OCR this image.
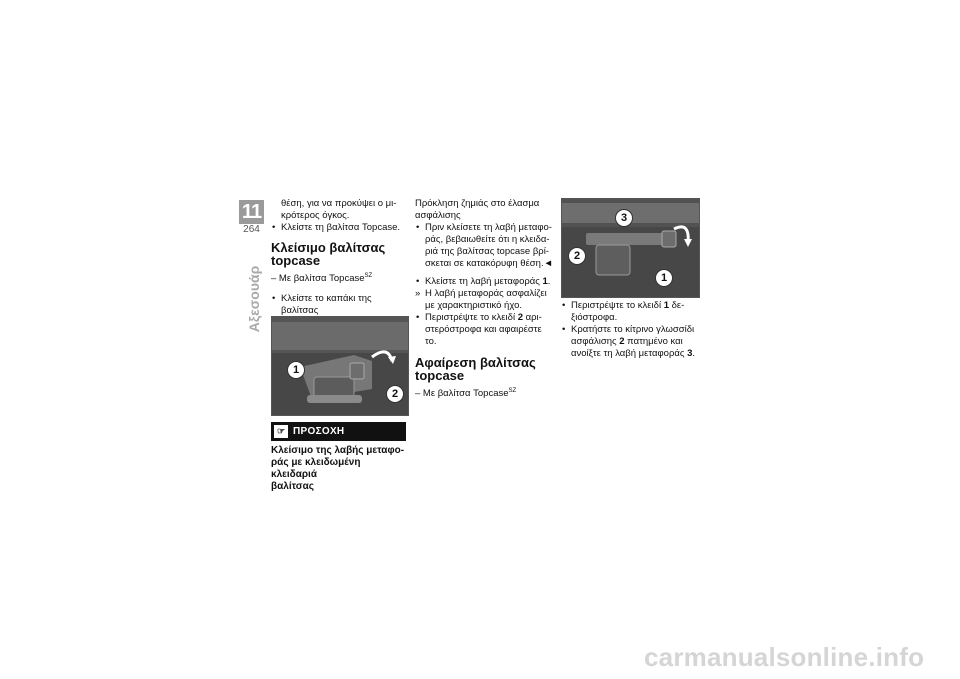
11
264
Αξεσουάρ

θέση, για να προκύψει ο μι-

κρότερος όγκος.

• Κλείστε τη βαλίτσα Topcase.

Κλείσιμο βαλίτσας
topcase

– Με βαλίτσα Topcase$^{SZ}$

• Κλείστε το καπάκι της βαλίτσας

1
2
☞ ΠΡΟΣΟΧΗ
Κλείσιμο της λαβής μεταφο-
ράς με κλειδωμένη κλειδαριά
βαλίτσας

Πρόκληση ζημιάς στο έλασμα

ασφάλισης

• Πριν κλείσετε τη λαβή μεταφο-

ράς, βεβαιωθείτε ότι η κλειδα-

ριά της βαλίτσας topcase βρί-

σκεται σε κατακόρυφη θέση.◄

• Κλείστε τη λαβή μεταφοράς 1.

» Η λαβή μεταφοράς ασφαλίζει

με χαρακτηριστικό ήχο.

• Περιστρέψτε το κλειδί 2 αρι-

στερόστροφα και αφαιρέστε το.

Αφαίρεση βαλίτσας
topcase

– Με βαλίτσα Topcase$^{SZ}$

3
2
1

• Περιστρέψτε το κλειδί 1 δε-

ξιόστροφα.

• Κρατήστε το κίτρινο γλωσσίδι

ασφάλισης 2 πατημένο και

ανοίξτε τη λαβή μεταφοράς 3.

carmanualsonline.info
